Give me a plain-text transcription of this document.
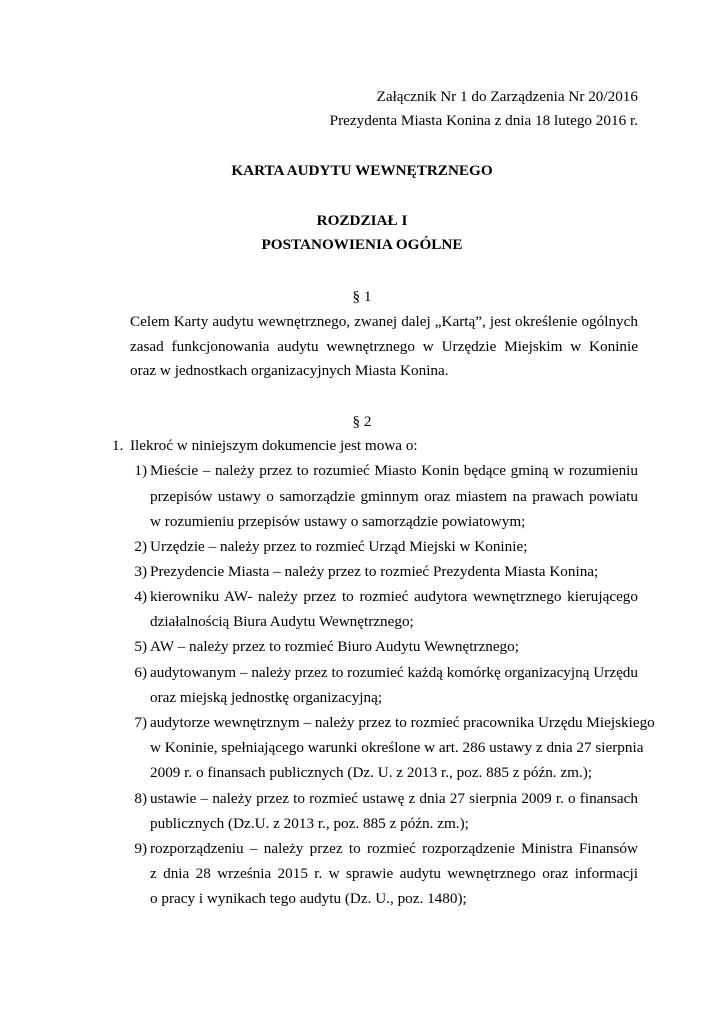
Załącznik Nr 1 do Zarządzenia Nr 20/2016
Prezydenta Miasta Konina z dnia 18 lutego 2016 r.
KARTA AUDYTU WEWNĘTRZNEGO
ROZDZIAŁ I
POSTANOWIENIA OGÓLNE
§ 1
Celem Karty audytu wewnętrznego, zwanej dalej „Kartą”, jest określenie ogólnych
zasad funkcjonowania audytu wewnętrznego w Urzędzie Miejskim w Koninie
oraz w jednostkach organizacyjnych Miasta Konina.
§ 2
1. Ilekroć w niniejszym dokumencie jest mowa o:
1) Mieście – należy przez to rozumieć Miasto Konin będące gminą w rozumieniu
przepisów ustawy o samorządzie gminnym oraz miastem na prawach powiatu
w rozumieniu przepisów ustawy o samorządzie powiatowym;
2) Urzędzie – należy przez to rozmieć Urząd Miejski w Koninie;
3) Prezydencie Miasta – należy przez to rozmieć Prezydenta Miasta Konina;
4) kierowniku AW- należy przez to rozmieć audytora wewnętrznego kierującego
działalnością Biura Audytu Wewnętrznego;
5) AW – należy przez to rozmieć Biuro Audytu Wewnętrznego;
6) audytowanym – należy przez to rozumieć każdą komórkę organizacyjną Urzędu
oraz miejską jednostkę organizacyjną;
7) audytorze wewnętrznym – należy przez to rozmieć pracownika Urzędu Miejskiego
w Koninie, spełniającego warunki określone w art. 286 ustawy z dnia 27 sierpnia
2009 r. o finansach publicznych (Dz. U. z 2013 r., poz. 885 z późn. zm.);
8) ustawie – należy przez to rozmieć ustawę z dnia 27 sierpnia 2009 r. o finansach
publicznych (Dz.U. z 2013 r., poz. 885 z późn. zm.);
9) rozporządzeniu – należy przez to rozmieć rozporządzenie Ministra Finansów
z dnia 28 września 2015 r. w sprawie audytu wewnętrznego oraz informacji
o pracy i wynikach tego audytu (Dz. U., poz. 1480);
